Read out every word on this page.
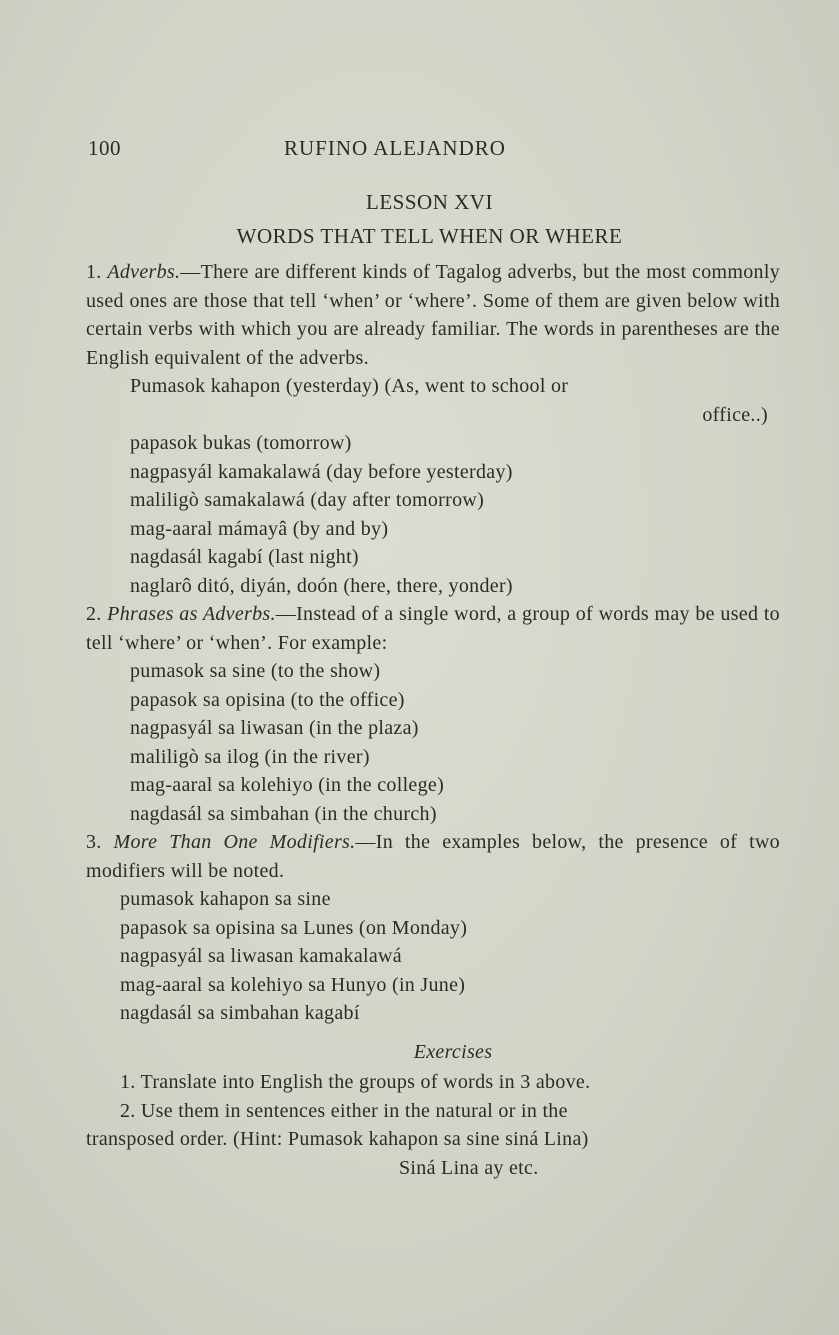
100	RUFINO ALEJANDRO
LESSON XVI
WORDS THAT TELL WHEN OR WHERE
1. Adverbs.—There are different kinds of Tagalog adverbs, but the most commonly used ones are those that tell ‘when’ or ‘where’. Some of them are given below with certain verbs with which you are already familiar. The words in parentheses are the English equivalent of the adverbs.
Pumasok kahapon (yesterday) (As, went to school or
office..)
papasok bukas (tomorrow)
nagpasyál kamakalawá (day before yesterday)
maliligò samakalawá (day after tomorrow)
mag-aaral mámayâ (by and by)
nagdasál kagabí (last night)
naglarô ditó, diyán, doón (here, there, yonder)
2. Phrases as Adverbs.—Instead of a single word, a group of words may be used to tell ‘where’ or ‘when’. For example:
pumasok sa sine (to the show)
papasok sa opisina (to the office)
nagpasyál sa liwasan (in the plaza)
maliligò sa ilog (in the river)
mag-aaral sa kolehiyo (in the college)
nagdasál sa simbahan (in the church)
3. More Than One Modifiers.—In the examples below, the presence of two modifiers will be noted.
pumasok kahapon sa sine
papasok sa opisina sa Lunes (on Monday)
nagpasyál sa liwasan kamakalawá
mag-aaral sa kolehiyo sa Hunyo (in June)
nagdasál sa simbahan kagabí
Exercises
1. Translate into English the groups of words in 3 above.
2. Use them in sentences either in the natural or in the
transposed order. (Hint: Pumasok kahapon sa sine siná Lina)
Siná Lina ay etc.
